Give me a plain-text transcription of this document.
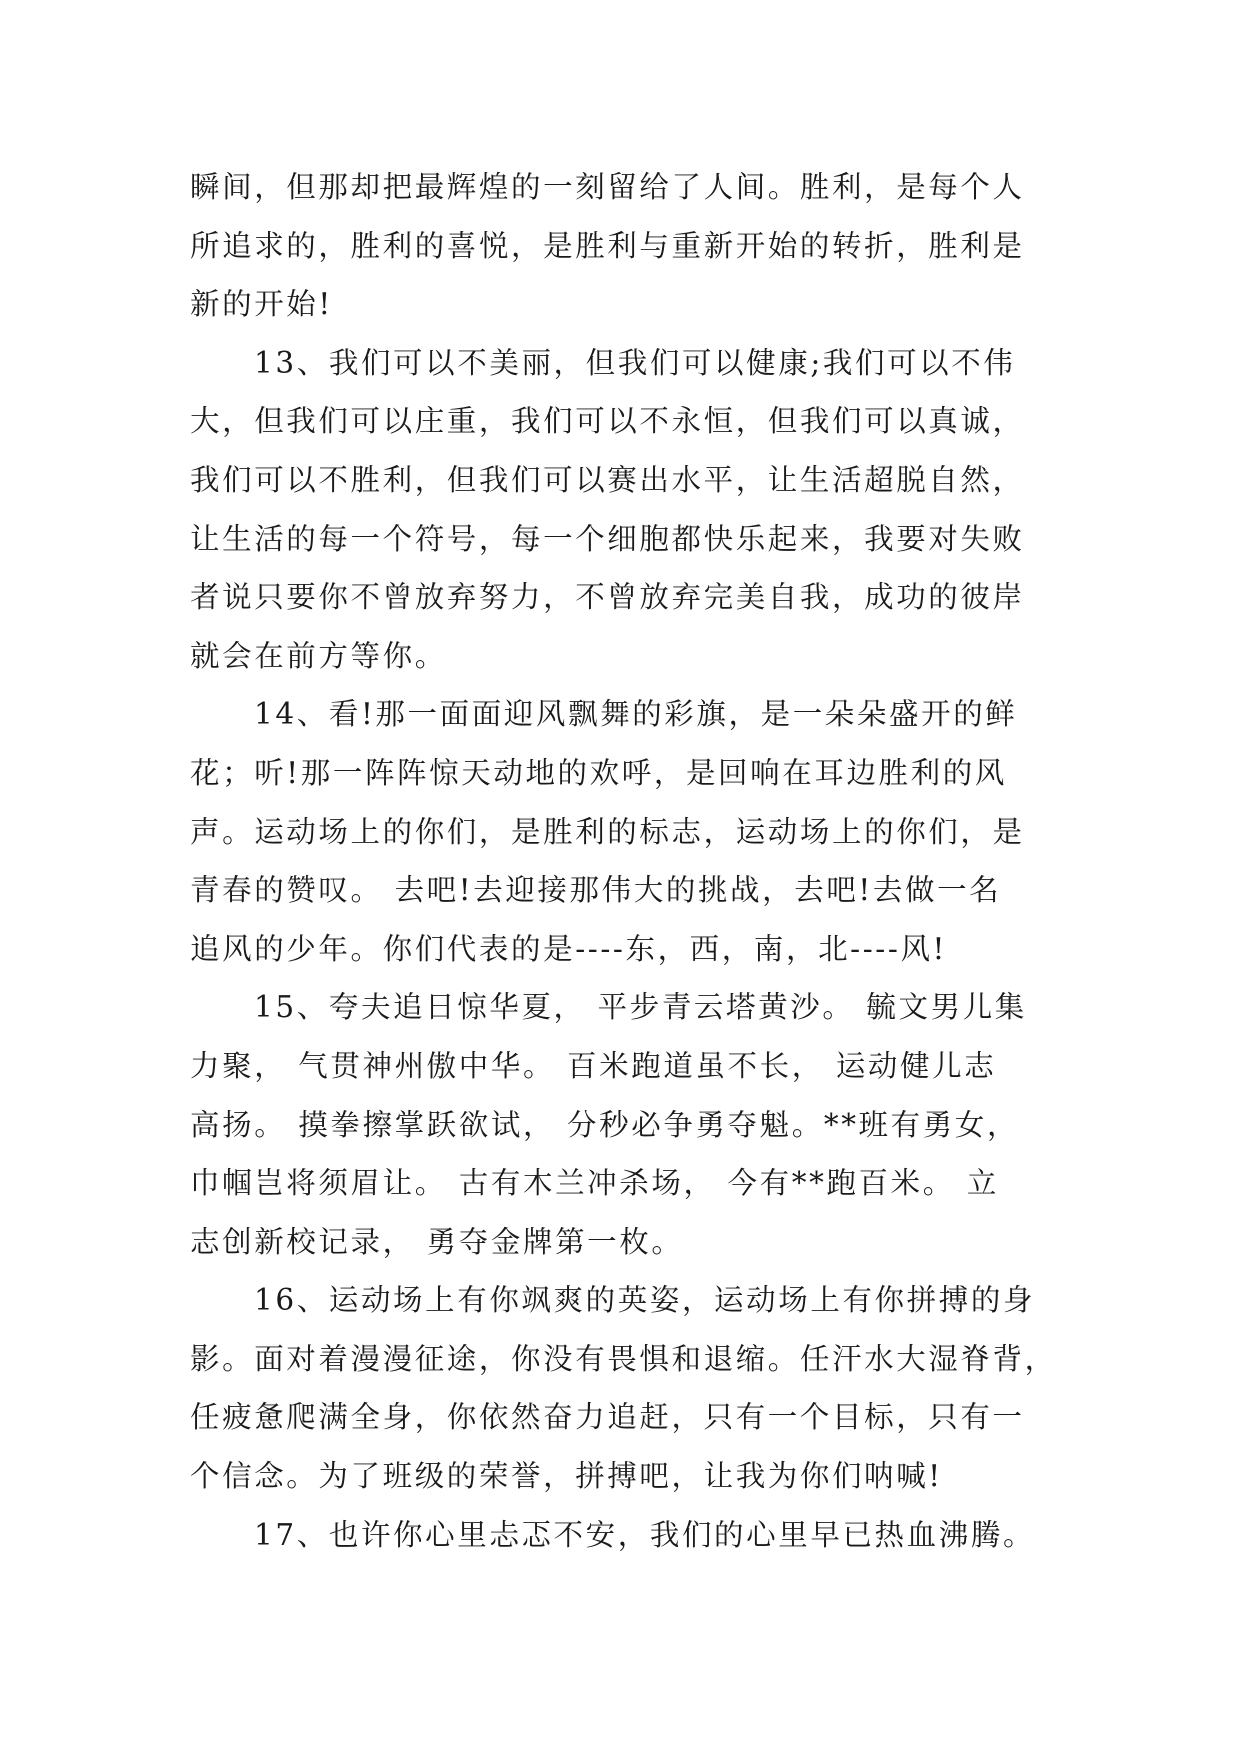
瞬间，但那却把最辉煌的一刻留给了人间。胜利，是每个人
所追求的，胜利的喜悦，是胜利与重新开始的转折，胜利是
新的开始!
13、我们可以不美丽，但我们可以健康;我们可以不伟
大，但我们可以庄重，我们可以不永恒，但我们可以真诚，
我们可以不胜利，但我们可以赛出水平，让生活超脱自然，
让生活的每一个符号，每一个细胞都快乐起来，我要对失败
者说只要你不曾放弃努力，不曾放弃完美自我，成功的彼岸
就会在前方等你。
14、看!那一面面迎风飘舞的彩旗，是一朵朵盛开的鲜
花；听!那一阵阵惊天动地的欢呼，是回响在耳边胜利的风
声。运动场上的你们，是胜利的标志，运动场上的你们，是
青春的赞叹。 去吧!去迎接那伟大的挑战，去吧!去做一名
追风的少年。你们代表的是----东，西，南，北----风!
15、夸夫追日惊华夏， 平步青云塔黄沙。 毓文男儿集
力聚， 气贯神州傲中华。 百米跑道虽不长， 运动健儿志
高扬。 摸拳擦掌跃欲试， 分秒必争勇夺魁。**班有勇女，
巾帼岂将须眉让。 古有木兰冲杀场， 今有**跑百米。 立
志创新校记录， 勇夺金牌第一枚。
16、运动场上有你飒爽的英姿，运动场上有你拼搏的身
影。面对着漫漫征途，你没有畏惧和退缩。任汗水大湿脊背，
任疲惫爬满全身，你依然奋力追赶，只有一个目标，只有一
个信念。为了班级的荣誉，拼搏吧，让我为你们呐喊!
17、也许你心里忐忑不安，我们的心里早已热血沸腾。
